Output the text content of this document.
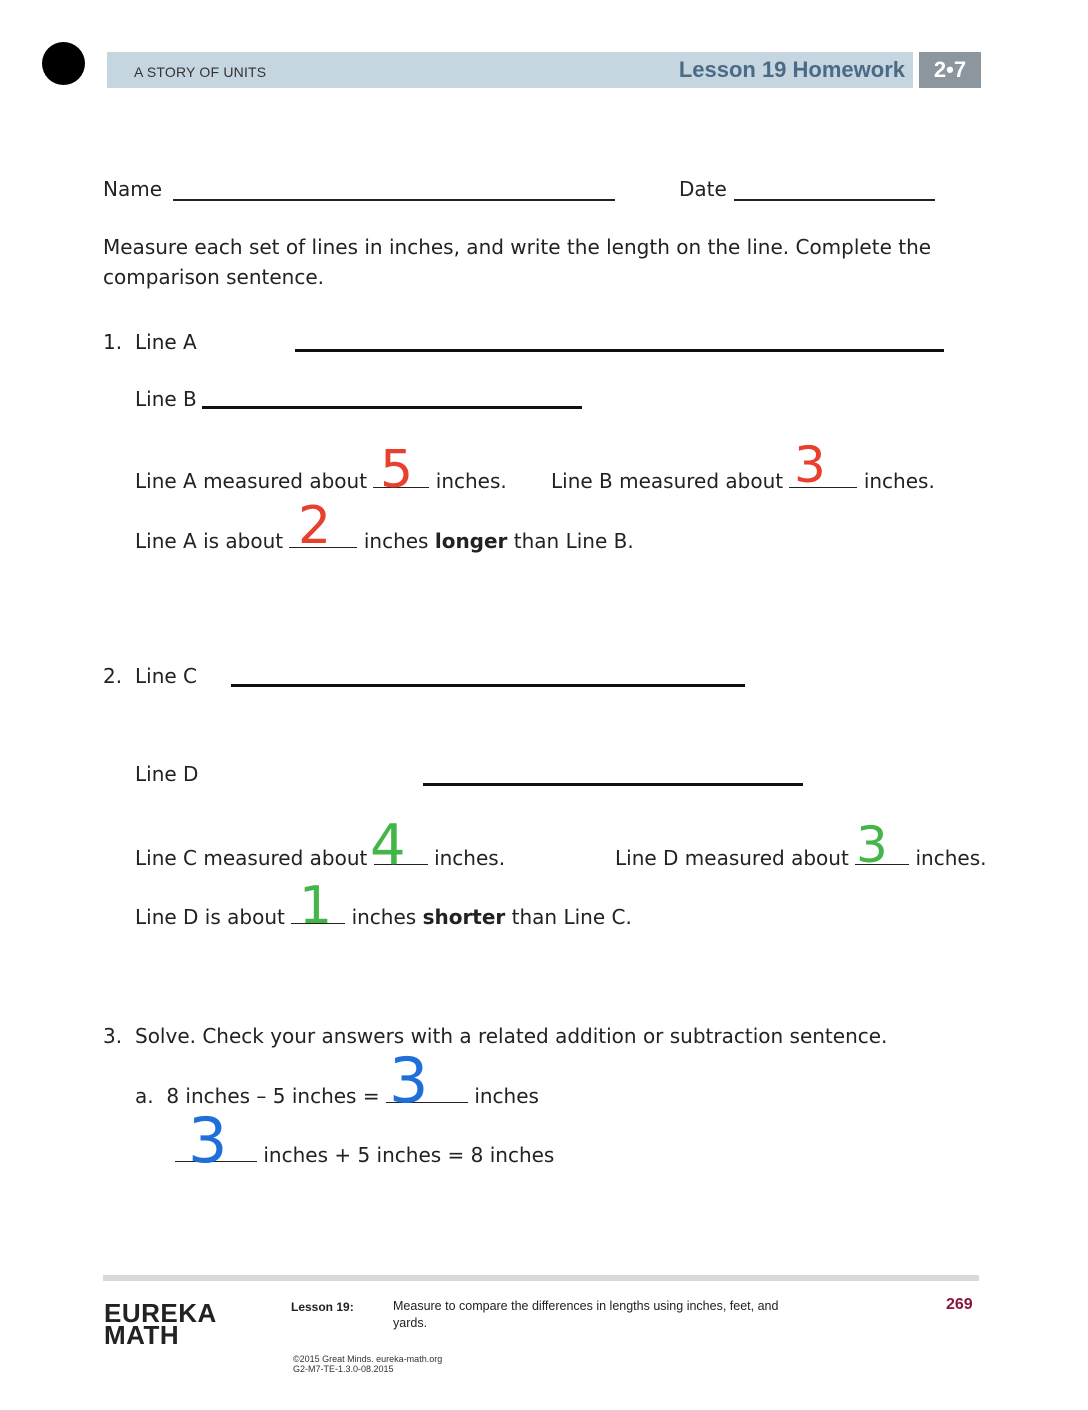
A STORY OF UNITS	Lesson 19 Homework	2•7
Name	Date
Measure each set of lines in inches, and write the length on the line. Complete the comparison sentence.
1. Line A
Line B
Line A measured about	inches.
5	Line B measured about	inches.
3
Line A is about	inches longer than Line B.
2
2. Line C
Line D
Line C measured about	inches.
4	Line D measured about	inches.
3
Line D is about	inches shorter than Line C.
1
3. Solve. Check your answers with a related addition or subtraction sentence.
a. 8 inches – 5 inches =	inches
3
inches + 5 inches = 8 inches
3
EUREKA
MATH
Lesson 19:	Measure to compare the differences in lengths using inches, feet, and yards.
269
©2015 Great Minds. eureka-math.org
G2-M7-TE-1.3.0-08.2015
